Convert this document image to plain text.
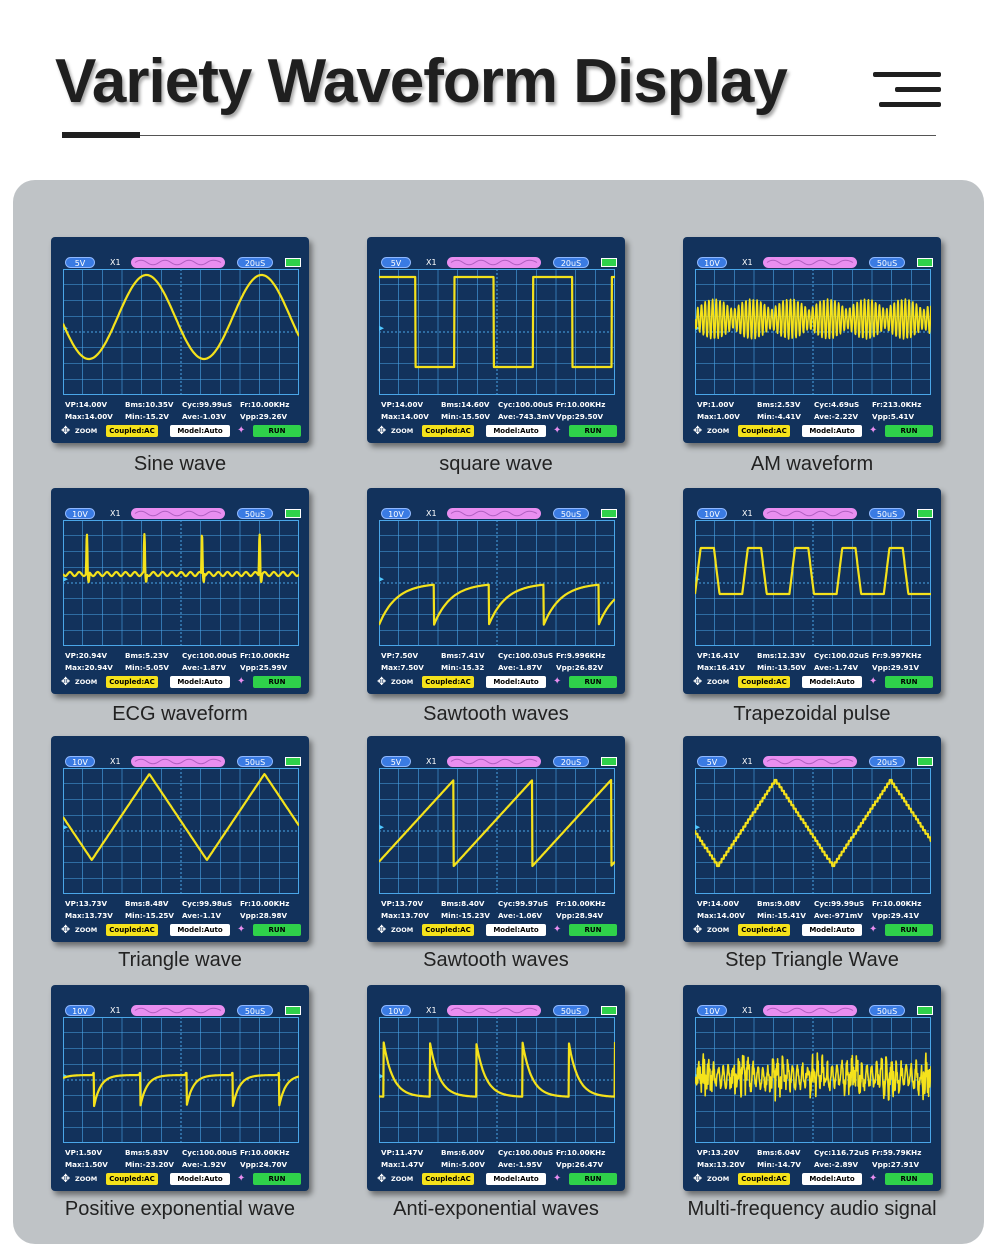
Variety Waveform Display
5V	X1	20uS
VP:14.00V Bms:10.35V Cyc:99.99uS Fr:10.00KHz
Max:14.00V Min:-15.2V Ave:-1.03V Vpp:29.26V
✥ ZOOM	Coupled:AC	Model:Auto	✦	RUN
Sine wave
5V	X1	20uS
VP:14.00V Bms:14.60V Cyc:100.00uS Fr:10.00KHz
Max:14.00V Min:-15.50V Ave:-743.3mV Vpp:29.50V
✥ ZOOM	Coupled:AC	Model:Auto	✦	RUN
square wave
10V	X1	50uS
VP:1.00V	Bms:2.53V Cyc:4.69uS Fr:213.0KHz
Max:1.00V Min:-4.41V Ave:-2.22V Vpp:5.41V
✥ ZOOM	Coupled:AC	Model:Auto	✦	RUN
AM waveform
10V	X1	50uS
VP:20.94V Bms:5.23V Cyc:100.00uS Fr:10.00KHz
Max:20.94V Min:-5.05V Ave:-1.87V Vpp:25.99V
✥ ZOOM	Coupled:AC	Model:Auto	✦	RUN
ECG waveform
10V	X1	50uS
VP:7.50V	Bms:7.41V Cyc:100.03uS Fr:9.996KHz
Max:7.50V Min:-15.32 Ave:-1.87V Vpp:26.82V
✥ ZOOM	Coupled:AC	Model:Auto	✦	RUN
Sawtooth waves
10V	X1	50uS
VP:16.41V Bms:12.33V Cyc:100.02uS Fr:9.997KHz
Max:16.41V Min:-13.50V Ave:-1.74V Vpp:29.91V
✥ ZOOM	Coupled:AC	Model:Auto	✦	RUN
Trapezoidal pulse
10V	X1	50uS
VP:13.73V Bms:8.48V Cyc:99.98uS Fr:10.00KHz
Max:13.73V Min:-15.25V Ave:-1.1V	Vpp:28.98V
✥ ZOOM	Coupled:AC	Model:Auto	✦	RUN
Triangle wave
5V	X1	20uS
VP:13.70V Bms:8.40V Cyc:99.97uS Fr:10.00KHz
Max:13.70V Min:-15.23V Ave:-1.06V Vpp:28.94V
✥ ZOOM	Coupled:AC	Model:Auto	✦	RUN
Sawtooth waves
5V	X1	20uS
VP:14.00V Bms:9.08V Cyc:99.99uS Fr:10.00KHz
Max:14.00V Min:-15.41V Ave:-971mV Vpp:29.41V
✥ ZOOM	Coupled:AC	Model:Auto	✦	RUN
Step Triangle Wave
10V	X1	50uS
VP:1.50V	Bms:5.83V Cyc:100.00uS Fr:10.00KHz
Max:1.50V Min:-23.20V Ave:-1.92V Vpp:24.70V
✥ ZOOM	Coupled:AC	Model:Auto	✦	RUN
Positive exponential wave
10V	X1	50uS
VP:11.47V Bms:6.00V Cyc:100.00uS Fr:10.00KHz
Max:1.47V Min:-5.00V Ave:-1.95V Vpp:26.47V
✥ ZOOM	Coupled:AC	Model:Auto	✦	RUN
Anti-exponential waves
10V	X1	50uS
VP:13.20V Bms:6.04V Cyc:116.72uS Fr:59.79KHz
Max:13.20V Min:-14.7V Ave:-2.89V Vpp:27.91V
✥ ZOOM	Coupled:AC	Model:Auto	✦	RUN
Multi-frequency audio signal
